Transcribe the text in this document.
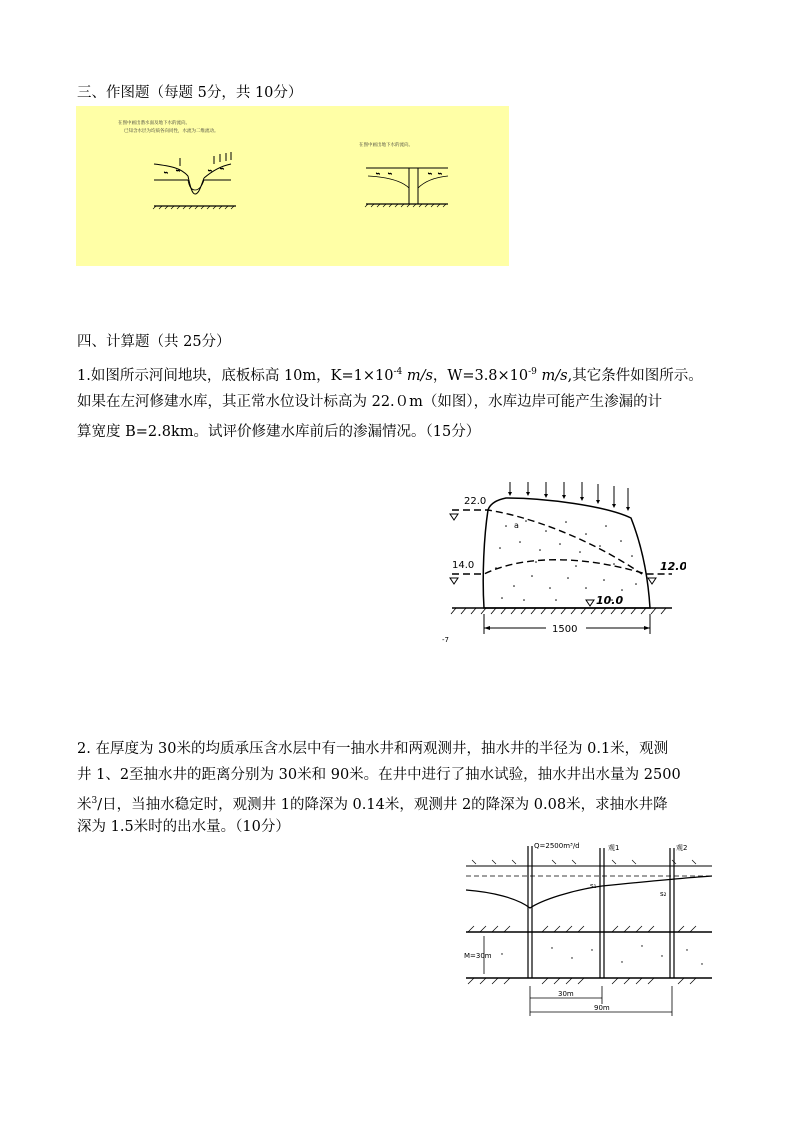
三、作图题（每题 5分，共 10分）
在图中画出潜水面及地下水的流向。
已知含水层为均质各向同性，水流为二维流动。
∽ ∽	∽ ∽
在图中画出地下水的流向。
∽ ∽	∽ ∽
四、计算题（共 25分）
1.如图所示河间地块，底板标高 10m，$K=1\times 10^{-4}$ m/s，$W=3.8\times 10^{-9}$ m/s,其它条件如图所示。
如果在左河修建水库，其正常水位设计标高为 22.０m（如图），水库边岸可能产生渗漏的计
算宽度 B=2.8km。试评价修建水库前后的渗漏情况。（15分）
22.0
14.0	12.0
10.0
1500
a
-7
2. 在厚度为 30米的均质承压含水层中有一抽水井和两观测井，抽水井的半径为 0.1米，观测
井 1、2至抽水井的距离分别为 30米和 90米。在井中进行了抽水试验，抽水井出水量为 2500
米$^3$/日，当抽水稳定时，观测井 1的降深为 0.14米，观测井 2的降深为 0.08米，求抽水井降
深为 1.5米时的出水量。（10分）
Q=2500m³/d	观1	观2
s₁
s₂
M=30m
30m
90m
